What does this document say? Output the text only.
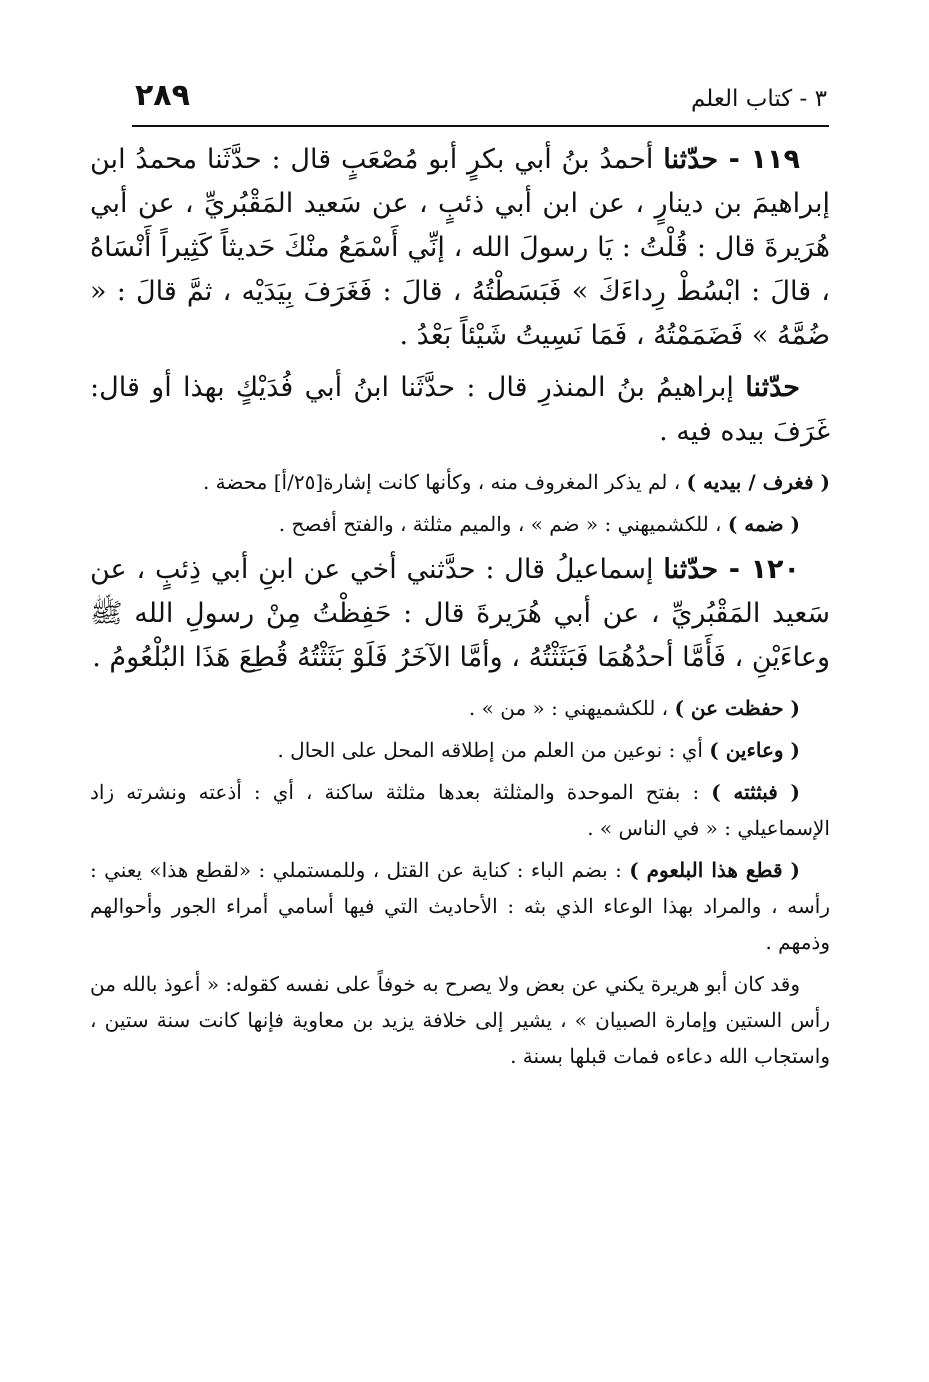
٢٨٩	٣ - كتاب العلم

١١٩ - حدّثنا أحمدُ بنُ أبي بكرٍ أبو مُصْعَبٍ قال : حدَّثَنا محمدُ ابن إبراهيمَ بن دينارٍ ، عن ابن أبي ذئبٍ ، عن سَعيد المَقْبُريِّ ، عن أبي هُرَيرةَ قال : قُلْتُ : يَا رسولَ الله ، إنِّي أَسْمَعُ منْكَ حَديثاً كَثِيراً أَنْسَاهُ ، قالَ : ابْسُطْ رِداءَكَ » فَبَسَطْتُهُ ، قالَ : فَغَرَفَ بِيَدَيْه ، ثمَّ قالَ : « ضُمَّهُ » فَضَمَمْتُهُ ، فَمَا نَسِيتُ شَيْئاً بَعْدُ .

حدّثنا إبراهيمُ بنُ المنذرِ قال : حدَّثَنا ابنُ أبي فُدَيْكٍ بهذا أو قال: غَرَفَ بيده فيه .

( فغرف / بيديه ) ، لم يذكر المغروف منه ، وكأنها كانت إشارة[٢٥/أ] محضة .

( ضمه ) ، للكشميهني : « ضم » ، والميم مثلثة ، والفتح أفصح .

١٢٠ - حدّثنا إسماعيلُ قال : حدَّثني أخي عن ابنِ أبي ذِئبٍ ، عن سَعيد المَقْبُريِّ ، عن أبي هُرَيرةَ قال : حَفِظْتُ مِنْ رسولِ الله ﷺ وعاءَيْنِ ، فَأَمَّا أحدُهُمَا فَبَثَثْتُهُ ، وأمَّا الآخَرُ فَلَوْ بَثَثْتُهُ قُطِعَ هَذَا البُلْعُومُ .

( حفظت عن ) ، للكشميهني : « من » .

( وعاءين ) أي : نوعين من العلم من إطلاقه المحل على الحال .

( فبثثته ) : بفتح الموحدة والمثلثة بعدها مثلثة ساكنة ، أي : أذعته ونشرته زاد الإسماعيلي : « في الناس » .

( قطع هذا البلعوم ) : بضم الباء : كناية عن القتل ، وللمستملي : «لقطع هذا» يعني : رأسه ، والمراد بهذا الوعاء الذي بثه : الأحاديث التي فيها أسامي أمراء الجور وأحوالهم وذمهم .

وقد كان أبو هريرة يكني عن بعض ولا يصرح به خوفاً على نفسه كقوله: « أعوذ بالله من رأس الستين وإمارة الصبيان » ، يشير إلى خلافة يزيد بن معاوية فإنها كانت سنة ستين ، واستجاب الله دعاءه فمات قبلها بسنة .
